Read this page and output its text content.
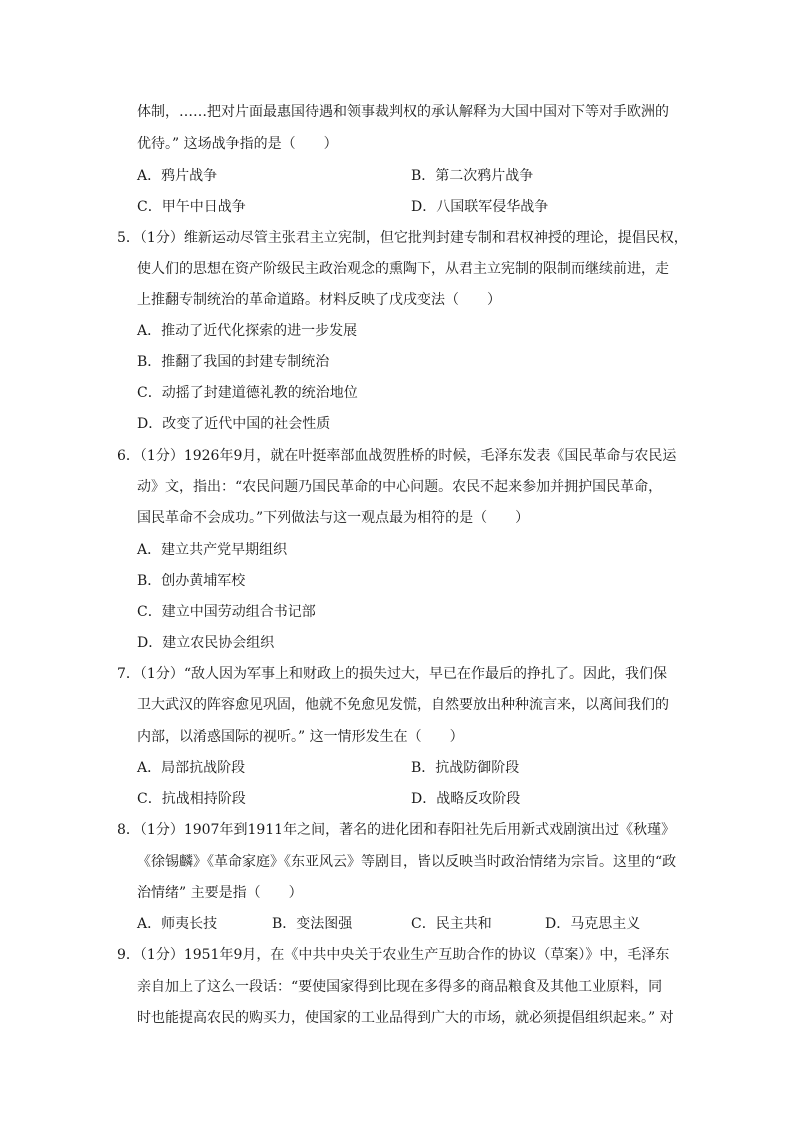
体制，……把对片面最惠国待遇和领事裁判权的承认解释为大国中国对下等对手欧洲的
优待。” 这场战争指的是（　　）
A．鸦片战争	B．第二次鸦片战争
C．甲午中日战争	D．八国联军侵华战争
5．（1分）维新运动尽管主张君主立宪制，但它批判封建专制和君权神授的理论，提倡民权，
使人们的思想在资产阶级民主政治观念的熏陶下，从君主立宪制的限制而继续前进，走
上推翻专制统治的革命道路。材料反映了戊戌变法（　　）
A．推动了近代化探索的进一步发展
B．推翻了我国的封建专制统治
C．动摇了封建道德礼教的统治地位
D．改变了近代中国的社会性质
6．（1分）1926年9月，就在叶挺率部血战贺胜桥的时候，毛泽东发表《国民革命与农民运
动》文，指出：“农民问题乃国民革命的中心问题。农民不起来参加并拥护国民革命，
国民革命不会成功。”下列做法与这一观点最为相符的是（　　）
A．建立共产党早期组织
B．创办黄埔军校
C．建立中国劳动组合书记部
D．建立农民协会组织
7．（1分）“敌人因为军事上和财政上的损失过大，早已在作最后的挣扎了。因此，我们保
卫大武汉的阵容愈见巩固，他就不免愈见发慌，自然要放出种种流言来，以离间我们的
内部，以淆惑国际的视听。” 这一情形发生在（　　）
A．局部抗战阶段	B．抗战防御阶段
C．抗战相持阶段	D．战略反攻阶段
8．（1分）1907年到1911年之间，著名的进化团和春阳社先后用新式戏剧演出过《秋瑾》
《徐锡麟》《革命家庭》《东亚风云》等剧目，皆以反映当时政治情绪为宗旨。这里的“政
治情绪” 主要是指（　　）
A．师夷长技	B．变法图强	C．民主共和	D．马克思主义
9．（1分）1951年9月，在《中共中央关于农业生产互助合作的协议（草案）》中，毛泽东
亲自加上了这么一段话：“要使国家得到比现在多得多的商品粮食及其他工业原料，同
时也能提高农民的购买力，使国家的工业品得到广大的市场，就必须提倡组织起来。” 对
